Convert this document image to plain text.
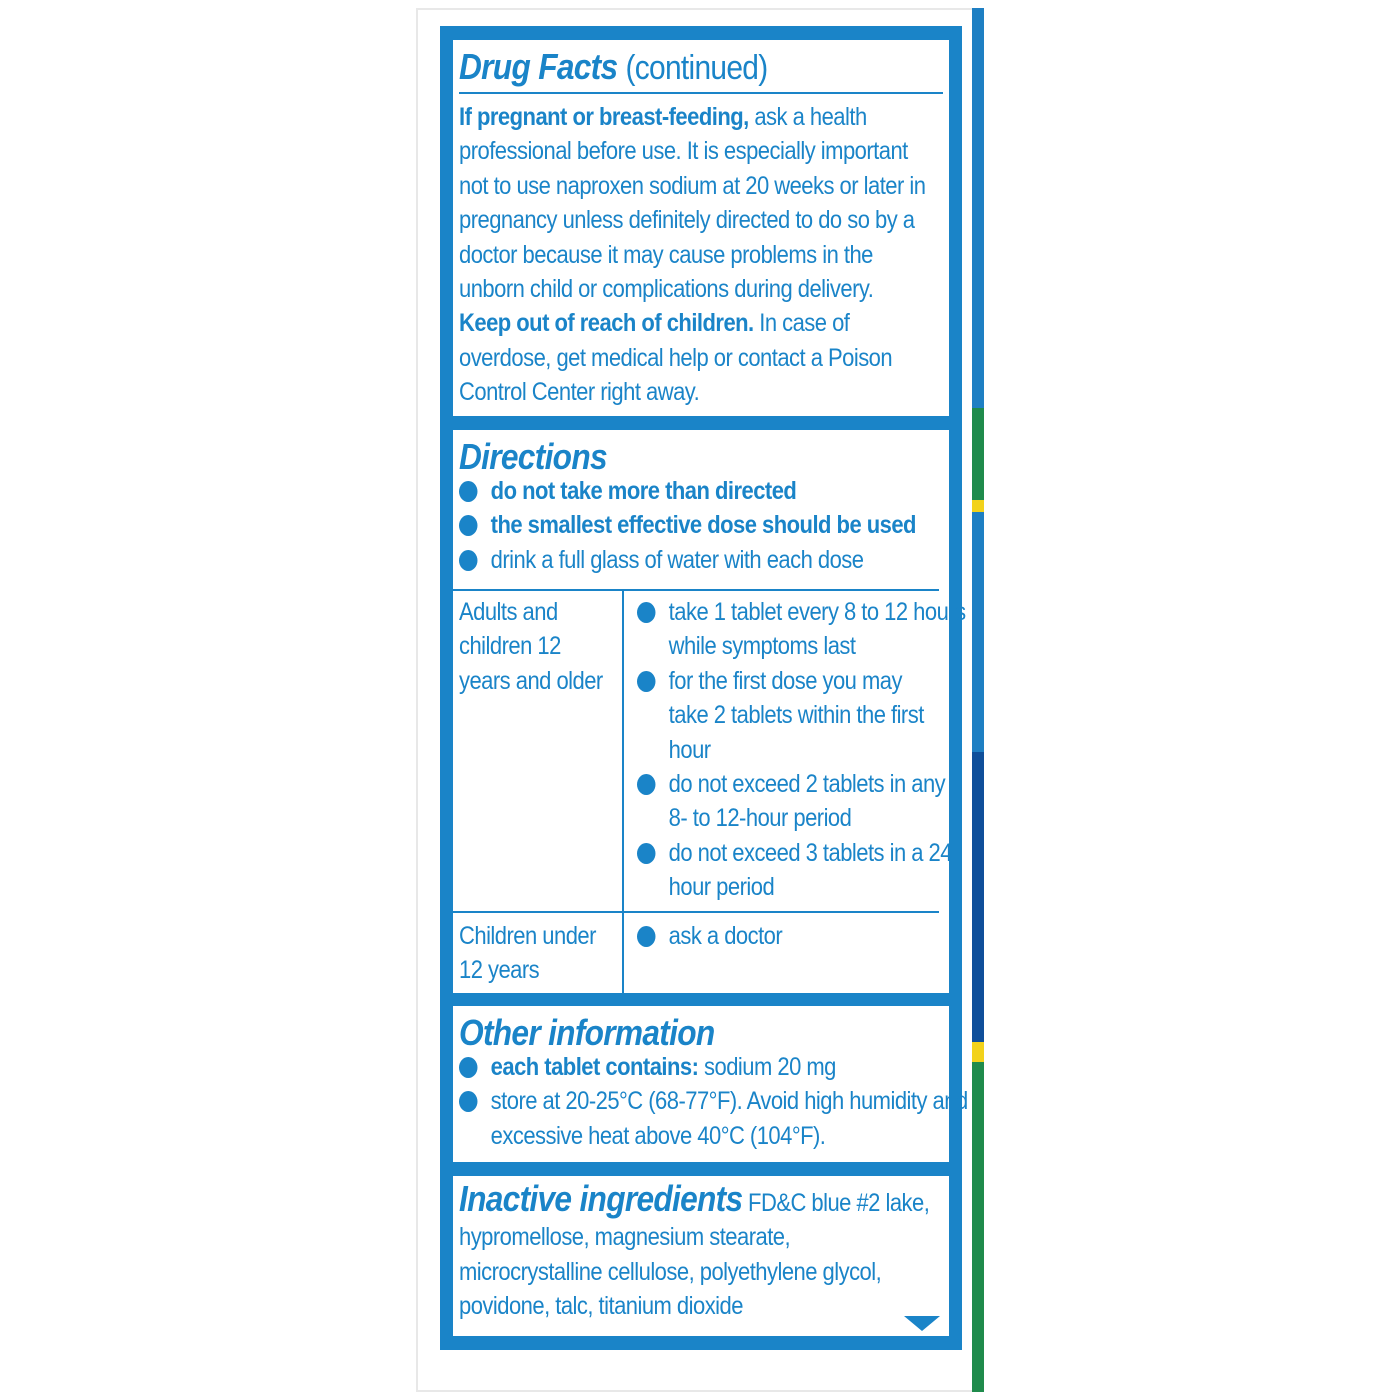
Drug Facts (continued)
If pregnant or breast-feeding, ask a health professional before use. It is especially important not to use naproxen sodium at 20 weeks or later in pregnancy unless definitely directed to do so by a doctor because it may cause problems in the unborn child or complications during delivery.
Keep out of reach of children. In case of overdose, get medical help or contact a Poison Control Center right away.
Directions
do not take more than directed
the smallest effective dose should be used
drink a full glass of water with each dose
Adults and children 12 years and older
take 1 tablet every 8 to 12 hours while symptoms last
for the first dose you may take 2 tablets within the first hour
do not exceed 2 tablets in any 8- to 12-hour period
do not exceed 3 tablets in a 24-hour period
Children under 12 years
ask a doctor
Other information
each tablet contains: sodium 20 mg
store at 20-25°C (68-77°F). Avoid high humidity and excessive heat above 40°C (104°F).
Inactive ingredients FD&C blue #2 lake, hypromellose, magnesium stearate, microcrystalline cellulose, polyethylene glycol, povidone, talc, titanium dioxide
